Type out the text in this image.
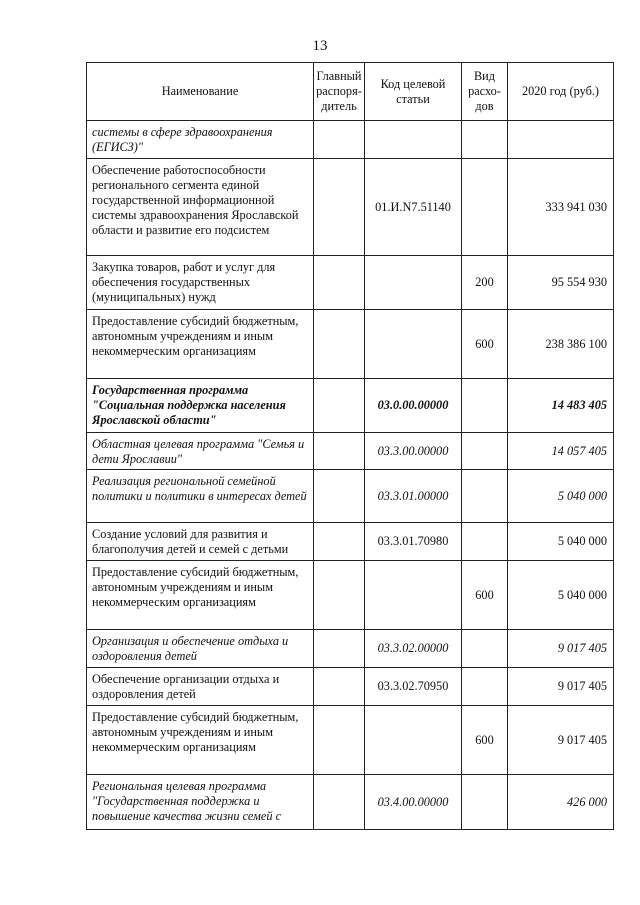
13
Наименование	Главный распоря-дитель	Код целевой статьи	Вид расхо-дов	2020 год (руб.)
системы в сфере здравоохранения (ЕГИСЗ)"				
Обеспечение работоспособности регионального сегмента единой государственной информационной системы здравоохранения Ярославской области и развитие его подсистем		01.И.N7.51140		333 941 030
Закупка товаров, работ и услуг для обеспечения государственных (муниципальных) нужд			200	95 554 930
Предоставление субсидий бюджетным, автономным учреждениям и иным некоммерческим организациям			600	238 386 100
Государственная программа "Социальная поддержка населения Ярославской области"		03.0.00.00000		14 483 405
Областная целевая программа "Семья и дети Ярославии"		03.3.00.00000		14 057 405
Реализация региональной семейной политики и политики в интересах детей		03.3.01.00000		5 040 000
Создание условий для развития и благополучия детей и семей с детьми		03.3.01.70980		5 040 000
Предоставление субсидий бюджетным, автономным учреждениям и иным некоммерческим организациям			600	5 040 000
Организация и обеспечение отдыха и оздоровления детей		03.3.02.00000		9 017 405
Обеспечение организации отдыха и оздоровления детей		03.3.02.70950		9 017 405
Предоставление субсидий бюджетным, автономным учреждениям и иным некоммерческим организациям			600	9 017 405
Региональная целевая программа "Государственная поддержка и повышение качества жизни семей с		03.4.00.00000		426 000
